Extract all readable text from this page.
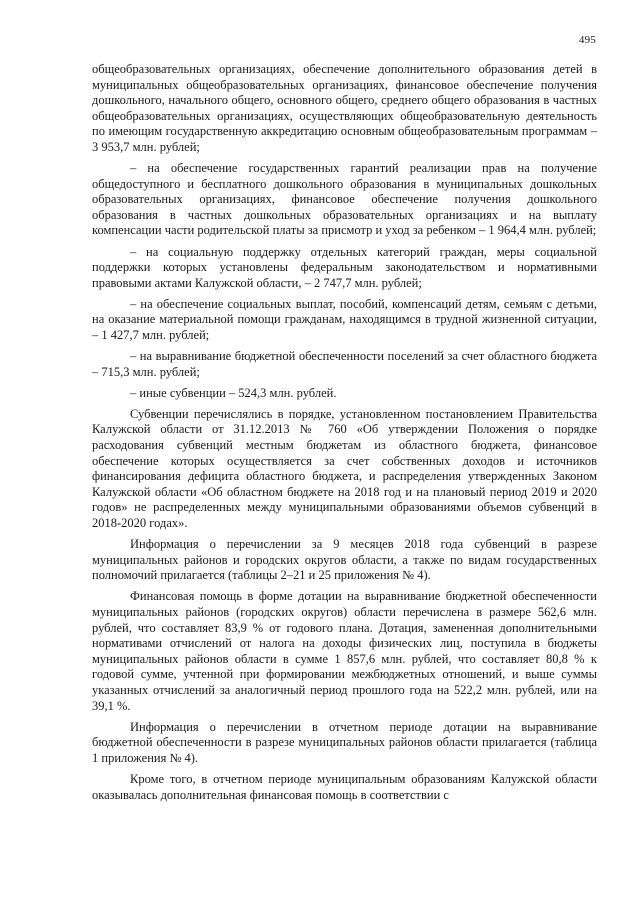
495

общеобразовательных организациях, обеспечение дополнительного образования детей в муниципальных общеобразовательных организациях, финансовое обеспечение получения дошкольного, начального общего, основного общего, среднего общего образования в частных общеобразовательных организациях, осуществляющих общеобразовательную деятельность по имеющим государственную аккредитацию основным общеобразовательным программам – 3 953,7 млн. рублей;

– на обеспечение государственных гарантий реализации прав на получение общедоступного и бесплатного дошкольного образования в муниципальных дошкольных образовательных организациях, финансовое обеспечение получения дошкольного образования в частных дошкольных образовательных организациях и на выплату компенсации части родительской платы за присмотр и уход за ребенком – 1 964,4 млн. рублей;

– на социальную поддержку отдельных категорий граждан, меры социальной поддержки которых установлены федеральным законодательством и нормативными правовыми актами Калужской области, – 2 747,7 млн. рублей;

– на обеспечение социальных выплат, пособий, компенсаций детям, семьям с детьми, на оказание материальной помощи гражданам, находящимся в трудной жизненной ситуации, – 1 427,7 млн. рублей;

– на выравнивание бюджетной обеспеченности поселений за счет областного бюджета – 715,3 млн. рублей;

– иные субвенции – 524,3 млн. рублей.

Субвенции перечислялись в порядке, установленном постановлением Правительства Калужской области от 31.12.2013 № 760 «Об утверждении Положения о порядке расходования субвенций местным бюджетам из областного бюджета, финансовое обеспечение которых осуществляется за счет собственных доходов и источников финансирования дефицита областного бюджета, и распределения утвержденных Законом Калужской области «Об областном бюджете на 2018 год и на плановый период 2019 и 2020 годов» не распределенных между муниципальными образованиями объемов субвенций в 2018-2020 годах».

Информация о перечислении за 9 месяцев 2018 года субвенций в разрезе муниципальных районов и городских округов области, а также по видам государственных полномочий прилагается (таблицы 2–21 и 25 приложения № 4).

Финансовая помощь в форме дотации на выравнивание бюджетной обеспеченности муниципальных районов (городских округов) области перечислена в размере 562,6 млн. рублей, что составляет 83,9 % от годового плана. Дотация, замененная дополнительными нормативами отчислений от налога на доходы физических лиц, поступила в бюджеты муниципальных районов области в сумме 1 857,6 млн. рублей, что составляет 80,8 % к годовой сумме, учтенной при формировании межбюджетных отношений, и выше суммы указанных отчислений за аналогичный период прошлого года на 522,2 млн. рублей, или на 39,1 %.

Информация о перечислении в отчетном периоде дотации на выравнивание бюджетной обеспеченности в разрезе муниципальных районов области прилагается (таблица 1 приложения № 4).

Кроме того, в отчетном периоде муниципальным образованиям Калужской области оказывалась дополнительная финансовая помощь в соответствии с
